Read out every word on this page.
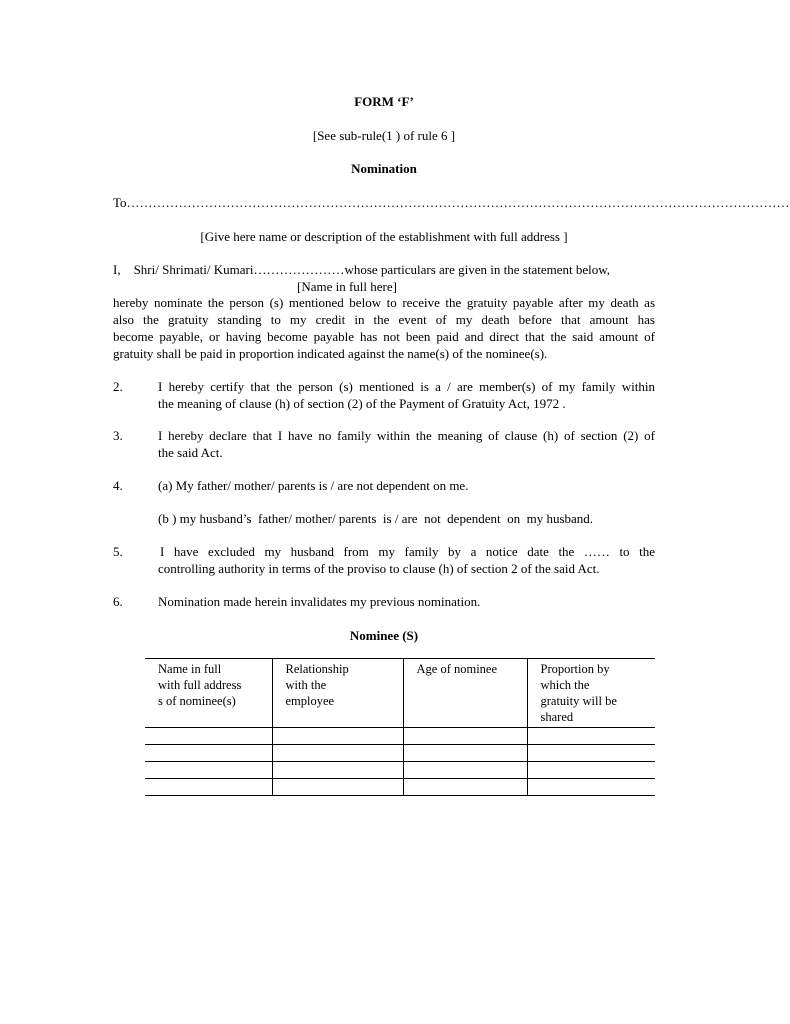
FORM ‘F’
[See sub-rule(1 ) of rule 6 ]
Nomination
To………………………………………………………………………………………………………………………………………
[Give here name or description of the establishment with full address ]
I,    Shri/ Shrimati/ Kumari…………………whose particulars are given in the statement below,
[Name in full here]
hereby nominate the person (s) mentioned below to receive the gratuity payable after my death as
also the gratuity standing to my credit in the event of my death before that amount has
become payable, or having become payable has not been paid and direct that the said amount of
gratuity shall be paid in proportion indicated against the name(s) of the nominee(s).
2.	I hereby certify that the person (s) mentioned is a / are member(s) of my family within
the meaning of clause (h) of section (2) of the Payment of Gratuity Act, 1972 .
3.	I hereby declare that I have no family within the meaning of clause (h) of section (2) of
the said Act.
4.	(a) My father/ mother/ parents is / are not dependent on me.
(b ) my husband’s  father/ mother/ parents  is / are  not  dependent  on  my husband.
5.	I have excluded my husband from my family by a notice date the …… to the
controlling authority in terms of the proviso to clause (h) of section 2 of the said Act.
6.	Nomination made herein invalidates my previous nomination.
Nominee (S)
Name in full
with full address
s of nominee(s)	Relationship
with the
employee	Age of nominee	Proportion by
which the
gratuity will be
shared
